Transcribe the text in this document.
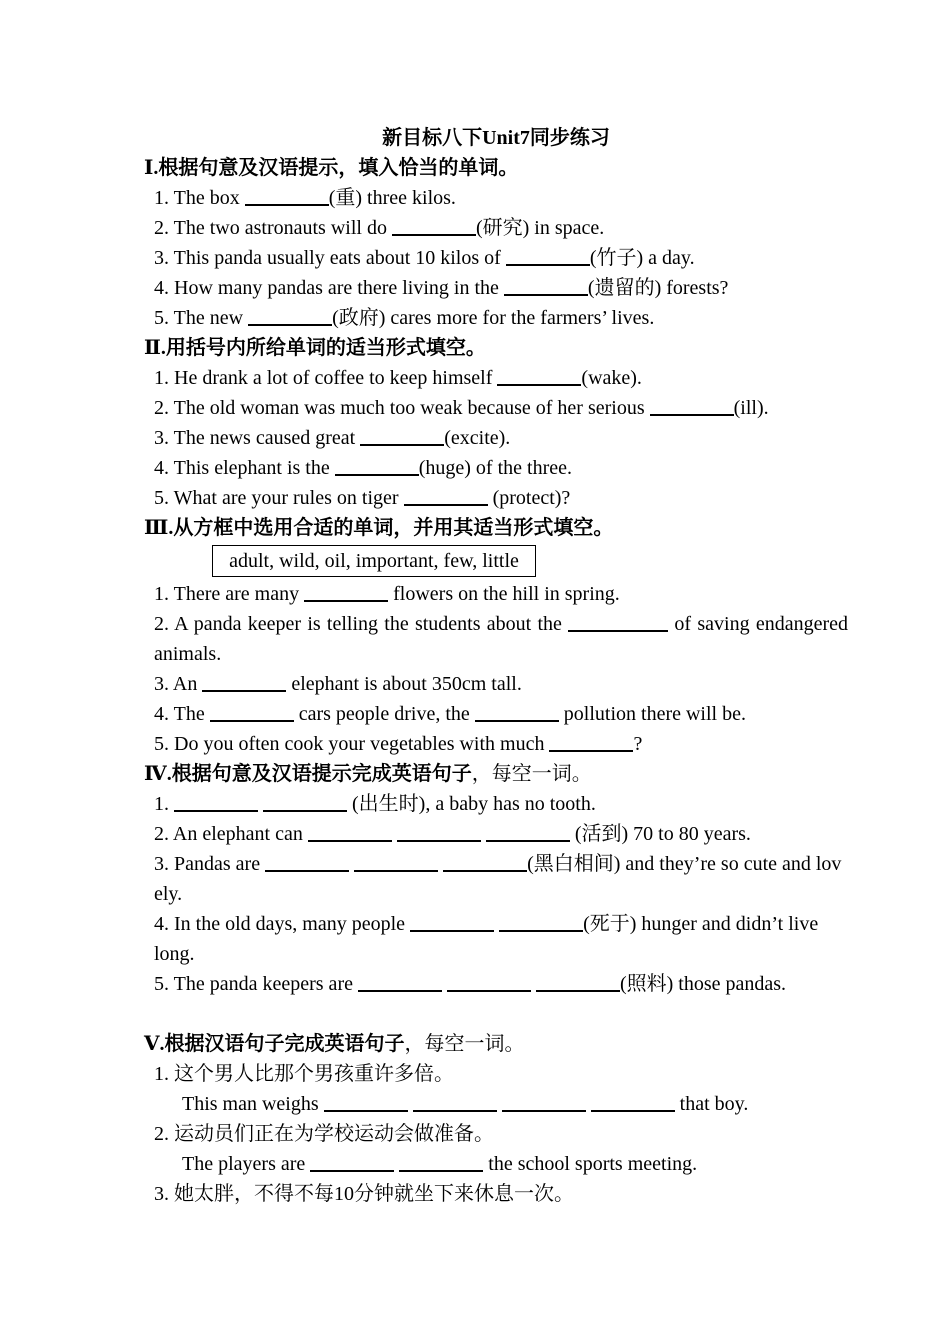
新目标八下Unit7同步练习
Ⅰ.根据句意及汉语提示，填入恰当的单词。
1. The box	(重) three kilos.
2. The two astronauts will do	(研究) in space.
3. This panda usually eats about 10 kilos of	(竹子) a day.
4. How many pandas are there living in the	(遗留的) forests?
5. The new	(政府) cares more for the farmers’ lives.
Ⅱ.用括号内所给单词的适当形式填空。
1. He drank a lot of coffee to keep himself	(wake).
2. The old woman was much too weak because of her serious	(ill).
3. The news caused great	(excite).
4. This elephant is the	(huge) of the three.
5. What are your rules on tiger	(protect)?
Ⅲ.从方框中选用合适的单词，并用其适当形式填空。
adult, wild, oil, important, few, little
1. There are many	flowers on the hill in spring.
2. A panda keeper is telling the students about the	of saving endangered animals.
3. An	elephant is about 350cm tall.
4. The	cars people drive, the	pollution there will be.
5. Do you often cook your vegetables with much	?
Ⅳ.根据句意及汉语提示完成英语句子，每空一词。
1.	(出生时), a baby has no tooth.
2. An elephant can	(活到) 70 to 80 years.
3. Pandas are	(黑白相间) and they’re so cute and lovely.
4. In the old days, many people	(死于) hunger and didn’t live long.
5. The panda keepers are	(照料) those pandas.
Ⅴ.根据汉语句子完成英语句子，每空一词。
1. 这个男人比那个男孩重许多倍。
This man weighs	that boy.
2. 运动员们正在为学校运动会做准备。
The players are	the school sports meeting.
3. 她太胖，不得不每10分钟就坐下来休息一次。
